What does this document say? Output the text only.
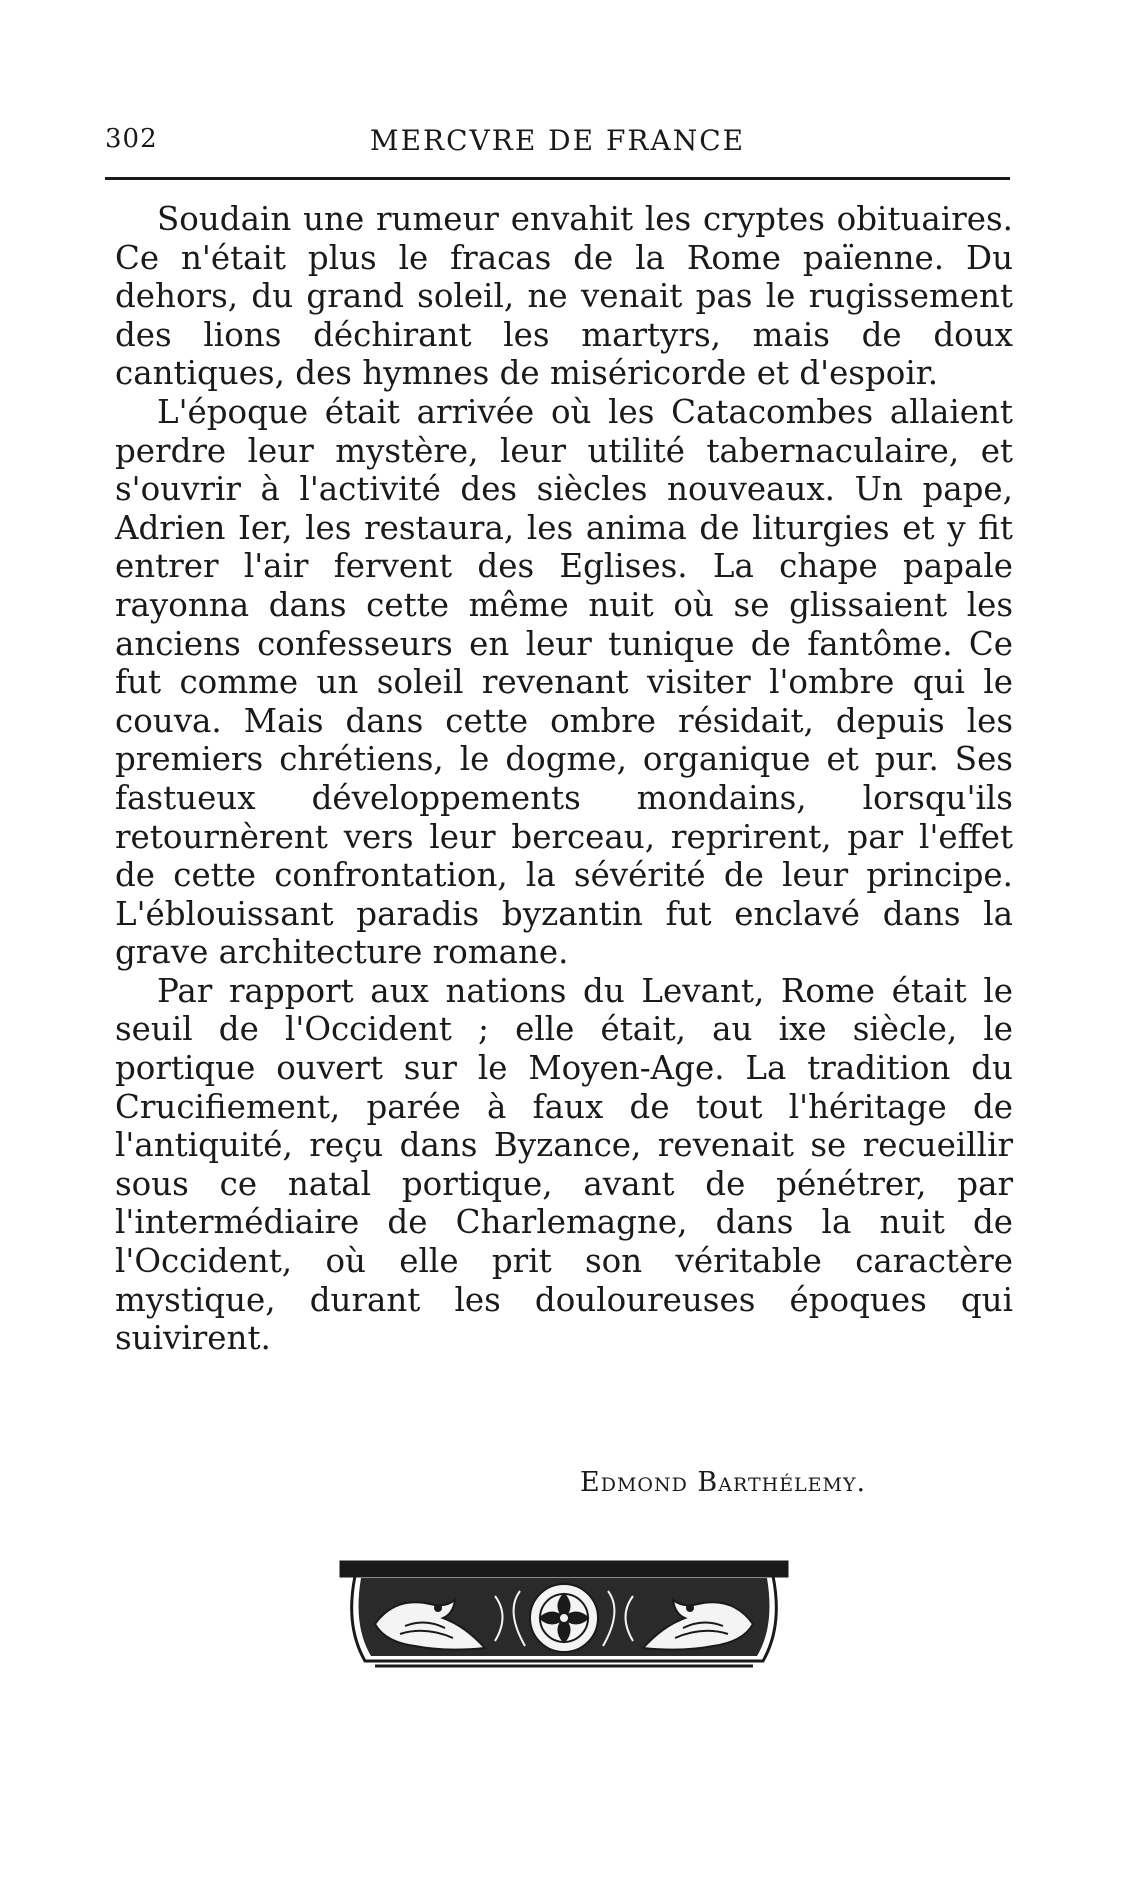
302	MERCVRE DE FRANCE

Soudain une rumeur envahit les cryptes obituaires. Ce n'était plus le fracas de la Rome païenne. Du dehors, du grand soleil, ne venait pas le rugissement des lions déchirant les martyrs, mais de doux cantiques, des hymnes de miséricorde et d'espoir.

L'époque était arrivée où les Catacombes allaient perdre leur mystère, leur utilité tabernaculaire, et s'ouvrir à l'activité des siècles nouveaux. Un pape, Adrien Ier, les restaura, les anima de liturgies et y fit entrer l'air fervent des Eglises. La chape papale rayonna dans cette même nuit où se glissaient les anciens confesseurs en leur tunique de fantôme. Ce fut comme un soleil revenant visiter l'ombre qui le couva. Mais dans cette ombre résidait, depuis les premiers chrétiens, le dogme, organique et pur. Ses fastueux développements mondains, lorsqu'ils retournèrent vers leur berceau, reprirent, par l'effet de cette confrontation, la sévérité de leur principe. L'éblouissant paradis byzantin fut enclavé dans la grave architecture romane.

Par rapport aux nations du Levant, Rome était le seuil de l'Occident ; elle était, au ixe siècle, le portique ouvert sur le Moyen-Age. La tradition du Crucifiement, parée à faux de tout l'héritage de l'antiquité, reçu dans Byzance, revenait se recueillir sous ce natal portique, avant de pénétrer, par l'intermédiaire de Charlemagne, dans la nuit de l'Occident, où elle prit son véritable caractère mystique, durant les douloureuses époques qui suivirent.

Edmond Barthélemy.
